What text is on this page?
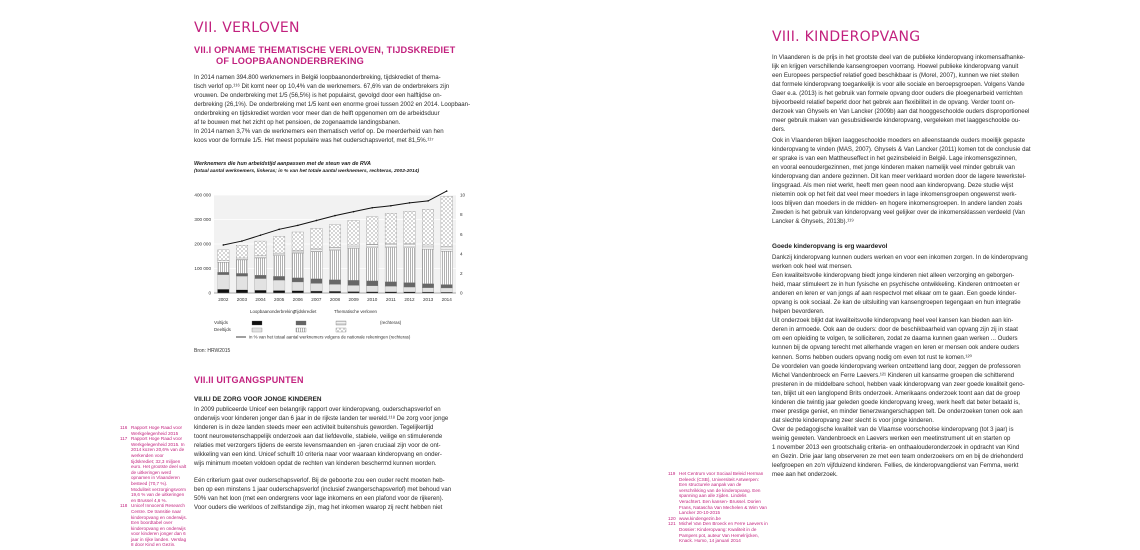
VII. VERLOVEN
VII.I OPNAME THEMATISCHE VERLOVEN, TIJDSKREDIET
OF LOOPBAANONDERBREKING
In 2014 namen 394.800 werknemers in België loopbaanonderbreking, tijdskrediet of thema-
tisch verlof op.¹¹⁶ Dit komt neer op 10,4% van de werknemers. 67,6% van de onderbrekers zijn
vrouwen. De onderbreking met 1/5 (56,5%) is het populairst, gevolgd door een halftijdse on-
derbreking (26,1%). De onderbreking met 1/5 kent een enorme groei tussen 2002 en 2014. Loopbaan-
onderbreking en tijdskrediet worden voor meer dan de helft opgenomen om de arbeidsduur
af te bouwen met het zicht op het pensioen, de zogenaamde landingsbanen.
In 2014 namen 3,7% van de werknemers een thematisch verlof op. De meerderheid van hen
koos voor de formule 1/5. Het meest populaire was het ouderschapsverlof, met 81,5%.¹¹⁷
Werknemers die hun arbeidstijd aanpassen met de steun van de RVA
(totaal aantal werknemers, linkeras; in % van het totale aantal werknemers, rechteras, 2002-2014)
0
100 000
200 000
300 000
400 000
0
2
4
6
8
10
2002 2003 2004 2005 2006 2007 2008 2009 2010 2011 2012 2013 2014
Loopbaanonderbreking
Tijdskrediet	Thematische verloven
Voltijds
Deeltijds
(rechteras)
in % van het totaal aantal werknemers volgens de nationale rekeningen (rechteras)
Bron: HRW2015
VII.II UITGANGSPUNTEN
VII.II.I DE ZORG VOOR JONGE KINDEREN
In 2009 publiceerde Unicef een belangrijk rapport over kinderopvang, ouderschapsverlof en
onderwijs voor kinderen jonger dan 6 jaar in de rijkste landen ter wereld.¹¹⁸ De zorg voor jonge
kinderen is in deze landen steeds meer een activiteit buitenshuis geworden. Tegelijkertijd
toont neurowetenschappelijk onderzoek aan dat liefdevolle, stabiele, veilige en stimulerende
relaties met verzorgers tijdens de eerste levensmaanden en -jaren cruciaal zijn voor de ont-
wikkeling van een kind. Unicef schuift 10 criteria naar voor waaraan kinderopvang en onder-
wijs minimum moeten voldoen opdat de rechten van kinderen beschermd kunnen worden.
Eén criterium gaat over ouderschapsverlof. Bij de geboorte zou een ouder recht moeten heb-
ben op een minstens 1 jaar ouderschapsverlof (inclusief zwangerschapsverlof) met behoud van
50% van het loon (met een ondergrens voor lage inkomens en een plafond voor de rijkeren).
Voor ouders die werkloos of zelfstandige zijn, mag het inkomen waarop zij recht hebben niet
116 Rapport Hoge Raad voor Werkgelegenheid 2015
117 Rapport Hoge Raad voor Werkgelegenheid 2015. In 2014 kozen 20,6% van de werkenden voor tijdskrediet; 32,3 miljoen euro. Het grootste deel valt de uitkeringen werd opnamen in Vlaanderen besteed (70,7 %). Moduliteit verzorgingsvorm 19,6 % van de uitkeringen en Brussel 4,6 %.
118 Unicef Innocenti Research Centre. De transitie naar kinderopvang en onderwijs. Een boordtabel over kinderopvang en onderwijs voor kinderen jonger dan 6 jaar in rijke landen. Verslag 8 door Kind en Gezin.
VIII. KINDEROPVANG
In Vlaanderen is de prijs in het grootste deel van de publieke kinderopvang inkomensafhanke-
lijk en krijgen verschillende kansengroepen voorrang. Hoewel publieke kinderopvang vanuit
een Europees perspectief relatief goed beschikbaar is (Morel, 2007), kunnen we niet stellen
dat formele kinderopvang toegankelijk is voor alle sociale en beroepsgroepen. Volgens Vande
Gaer e.a. (2013) is het gebruik van formele opvang door ouders die ploegenarbeid verrichten
bijvoorbeeld relatief beperkt door het gebrek aan flexibiliteit in de opvang. Verder toont on-
derzoek van Ghysels en Van Lancker (2009b) aan dat hooggeschoolde ouders disproportioneel
meer gebruik maken van gesubsidieerde kinderopvang, vergeleken met laaggeschoolde ou-
ders.
Ook in Vlaanderen blijken laaggeschoolde moeders en alleenstaande ouders moeilijk gepaste
kinderopvang te vinden (MAS, 2007). Ghysels & Van Lancker (2011) komen tot de conclusie dat
er sprake is van een Mattheuseffect in het gezinsbeleid in België. Lage inkomensgezinnen,
en vooral eenoudergezinnen, met jonge kinderen maken namelijk veel minder gebruik van
kinderopvang dan andere gezinnen. Dit kan meer verklaard worden door de lagere tewerkstel-
lingsgraad. Als men niet werkt, heeft men geen nood aan kinderopvang. Deze studie wijst
nietemin ook op het feit dat veel meer moeders in lage inkomensgroepen ongewenst werk-
loos blijven dan moeders in de midden- en hogere inkomensgroepen. In andere landen zoals
Zweden is het gebruik van kinderopvang veel gelijker over de inkomensklassen verdeeld (Van
Lancker & Ghysels, 2013b).¹¹⁹
Goede kinderopvang is erg waardevol
Dankzij kinderopvang kunnen ouders werken en voor een inkomen zorgen. In de kinderopvang
werken ook heel wat mensen.
Een kwaliteitsvolle kinderopvang biedt jonge kinderen niet alleen verzorging en geborgen-
heid, maar stimuleert ze in hun fysische en psychische ontwikkeling. Kinderen ontmoeten er
anderen en leren er van jongs af aan respectvol met elkaar om te gaan. Een goede kinder-
opvang is ook sociaal. Ze kan de uitsluiting van kansengroepen tegengaan en hun integratie
helpen bevorderen.
Uit onderzoek blijkt dat kwaliteitsvolle kinderopvang heel veel kansen kan bieden aan kin-
deren in armoede. Ook aan de ouders: door de beschikbaarheid van opvang zijn zij in staat
om een opleiding te volgen, te solliciteren, zodat ze daarna kunnen gaan werken ... Ouders
kunnen bij de opvang terecht met allerhande vragen en leren er mensen ook andere ouders
kennen. Soms hebben ouders opvang nodig om even tot rust te komen.¹²⁰
De voordelen van goede kinderopvang werken ontzettend lang door, zeggen de professoren
Michel Vandenbroeck en Ferre Laevers.¹²¹ Kinderen uit kansarme groepen die schitterend
presteren in de middelbare school, hebben vaak kinderopvang van zeer goede kwaliteit geno-
ten, blijkt uit een langlopend Brits onderzoek. Amerikaans onderzoek toont aan dat de groep
kinderen die twintig jaar geleden goede kinderopvang kreeg, werk heeft dat beter betaald is,
meer prestige geniet, en minder tienerzwangerschappen telt. De onderzoeken tonen ook aan
dat slechte kinderopvang zeer slecht is voor jonge kinderen.
Over de pedagogische kwaliteit van de Vlaamse voorschoolse kinderopvang (tot 3 jaar) is
weinig geweten. Vandenbroeck en Laevers werken een meetinstrument uit en starten op
1 november 2013 een grootschalig criteria- en onthaalouderonderzoek in opdracht van Kind
en Gezin. Drie jaar lang observeren ze met een team onderzoekers om en bij de driehonderd
leefgroepen en zo'n vijfduizend kinderen. Fellies, de kinderopvangdienst van Femma, werkt
mee aan het onderzoek.
119 Het Centrum voor Sociaal Beleid Herman Deleeck (CSB), Universiteit Antwerpen: Een structurele aanpak van de verschrikking van de kinderopvang. Een spanning aan alle zijden. Lindelis Verachtert. Een kansen- Brussel. Dorien Frans, Natascha Van Mechelen & Wim Van Lancker 20-10-2015
120 www.kindengezin.be
121 Michel Van Den Broeck en Ferre Laevers in Dossier: Kinderopvang: Kwaliteit in de Pampers pot, auteur Van Hemelrijcken, Knack. Humo, 14 januari 2014
